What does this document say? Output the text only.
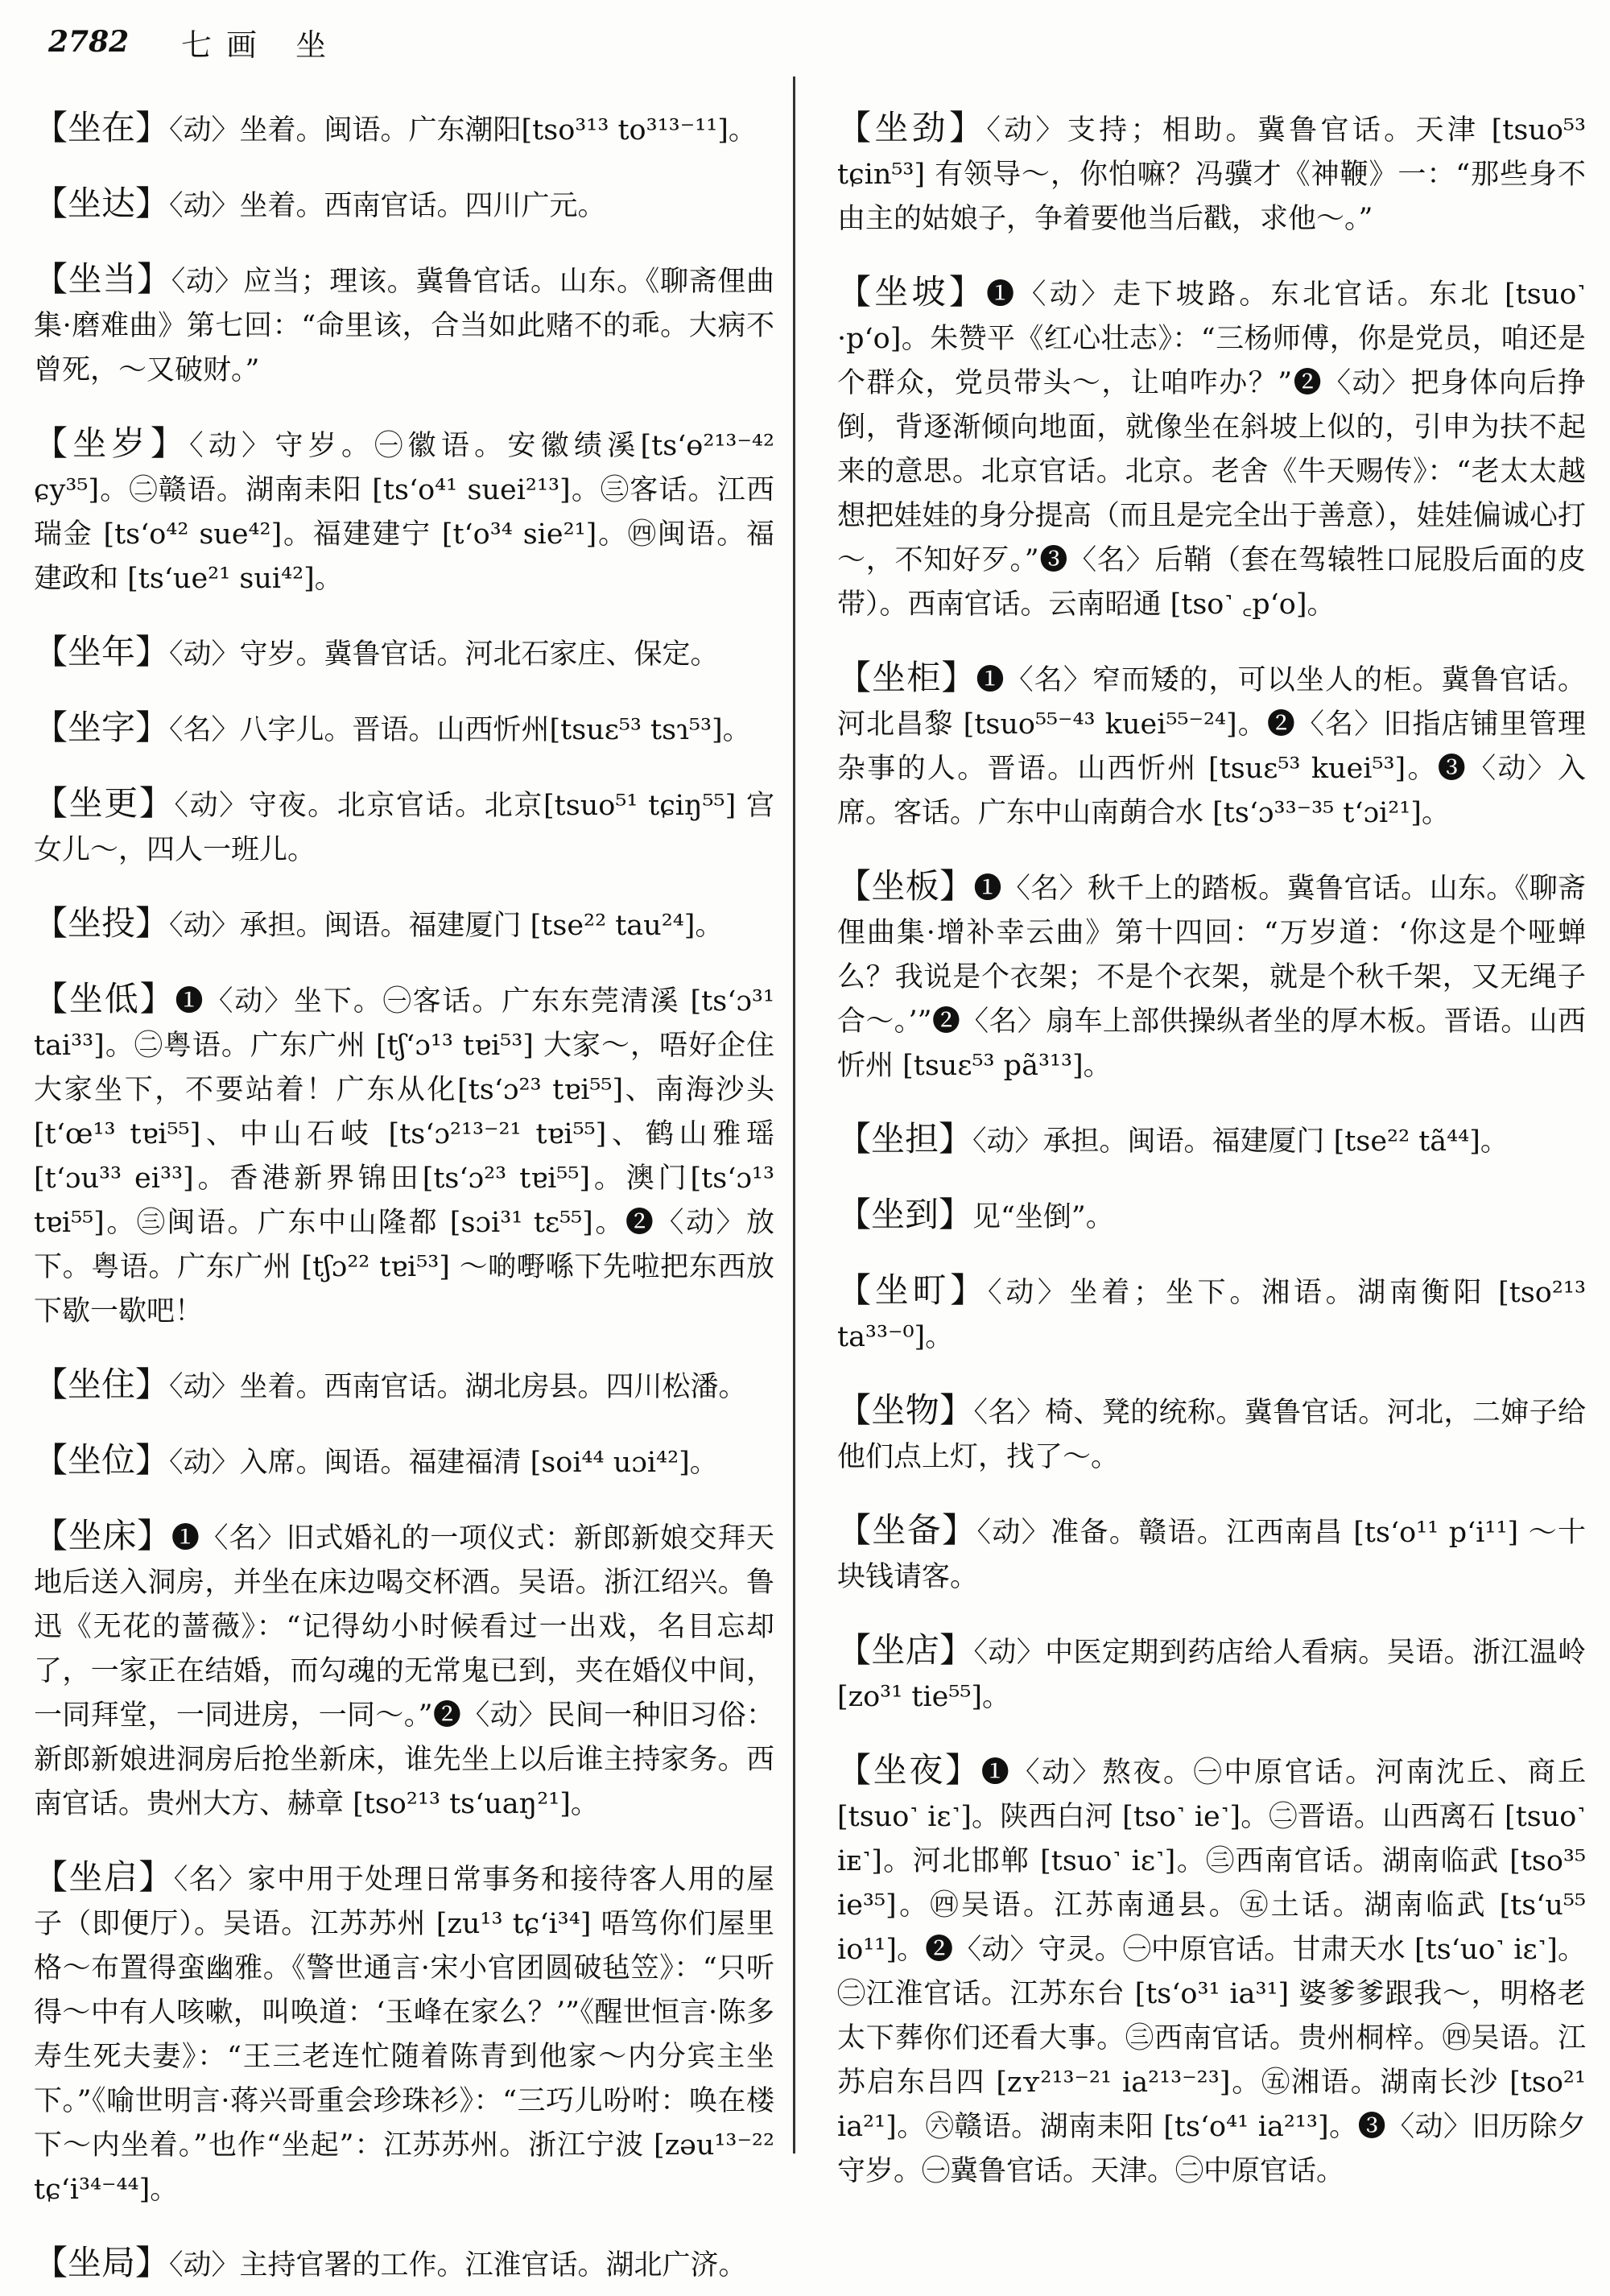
2782	七画 坐

【坐在】〈动〉坐着。闽语。广东潮阳[tso³¹³ to³¹³⁻¹¹]。

【坐达】〈动〉坐着。西南官话。四川广元。

【坐当】〈动〉应当；理该。冀鲁官话。山东。《聊斋俚曲集·磨难曲》第七回：“命里该，合当如此赌不的乖。大病不曾死，～又破财。”

【坐岁】〈动〉守岁。㊀徽语。安徽绩溪[tsʻɵ²¹³⁻⁴² ɕy³⁵]。㊁赣语。湖南耒阳 [tsʻo⁴¹ suei²¹³]。㊂客话。江西瑞金 [tsʻo⁴² sue⁴²]。福建建宁 [tʻo³⁴ sie²¹]。㊃闽语。福建政和 [tsʻue²¹ sui⁴²]。

【坐年】〈动〉守岁。冀鲁官话。河北石家庄、保定。

【坐字】〈名〉八字儿。晋语。山西忻州[tsuɛ⁵³ tsɿ⁵³]。

【坐更】〈动〉守夜。北京官话。北京[tsuo⁵¹ tɕiŋ⁵⁵] 宫女儿～，四人一班儿。

【坐投】〈动〉承担。闽语。福建厦门 [tse²² tau²⁴]。

【坐低】❶〈动〉坐下。㊀客话。广东东莞清溪 [tsʻɔ³¹ tai³³]。㊁粤语。广东广州 [tʃʻɔ¹³ tɐi⁵³] 大家～，唔好企住大家坐下，不要站着！广东从化[tsʻɔ²³ tɐi⁵⁵]、南海沙头 [tʻœ¹³ tɐi⁵⁵]、中山石岐 [tsʻɔ²¹³⁻²¹ tɐi⁵⁵]、鹤山雅瑶[tʻɔu³³ ei³³]。香港新界锦田[tsʻɔ²³ tɐi⁵⁵]。澳门[tsʻɔ¹³ tɐi⁵⁵]。㊂闽语。广东中山隆都 [sɔi³¹ tɛ⁵⁵]。❷〈动〉放下。粤语。广东广州 [tʃɔ²² tɐi⁵³] ～啲嘢喺下先啦把东西放下歇一歇吧！

【坐住】〈动〉坐着。西南官话。湖北房县。四川松潘。

【坐位】〈动〉入席。闽语。福建福清 [soi⁴⁴ uɔi⁴²]。

【坐床】❶〈名〉旧式婚礼的一项仪式：新郎新娘交拜天地后送入洞房，并坐在床边喝交杯酒。吴语。浙江绍兴。鲁迅《无花的蔷薇》：“记得幼小时候看过一出戏，名目忘却了，一家正在结婚，而勾魂的无常鬼已到，夹在婚仪中间，一同拜堂，一同进房，一同～。”❷〈动〉民间一种旧习俗：新郎新娘进洞房后抢坐新床，谁先坐上以后谁主持家务。西南官话。贵州大方、赫章 [tso²¹³ tsʻuaŋ²¹]。

【坐启】〈名〉家中用于处理日常事务和接待客人用的屋子（即便厅）。吴语。江苏苏州 [zu¹³ tɕʻi³⁴] 唔笃你们屋里格～布置得蛮幽雅。《警世通言·宋小官团圆破毡笠》：“只听得～中有人咳嗽，叫唤道：‘玉峰在家么？’”《醒世恒言·陈多寿生死夫妻》：“王三老连忙随着陈青到他家～内分宾主坐下。”《喻世明言·蒋兴哥重会珍珠衫》：“三巧儿吩咐：唤在楼下～内坐着。”也作“坐起”：江苏苏州。浙江宁波 [zəu¹³⁻²² tɕʻi³⁴⁻⁴⁴]。

【坐局】〈动〉主持官署的工作。江淮官话。湖北广济。

【坐劲】〈动〉支持；相助。冀鲁官话。天津 [tsuo⁵³ tɕin⁵³] 有领导～，你怕嘛？冯骥才《神鞭》一：“那些身不由主的姑娘子，争着要他当后戳，求他～。”

【坐坡】❶〈动〉走下坡路。东北官话。东北 [tsuo˺ ·pʻo]。朱赞平《红心壮志》：“三杨师傅，你是党员，咱还是个群众，党员带头～，让咱咋办？”❷〈动〉把身体向后挣倒，背逐渐倾向地面，就像坐在斜坡上似的，引申为扶不起来的意思。北京官话。北京。老舍《牛天赐传》：“老太太越想把娃娃的身分提高（而且是完全出于善意），娃娃偏诚心打～，不知好歹。”❸〈名〉后鞘（套在驾辕牲口屁股后面的皮带）。西南官话。云南昭通 [tso˺ ꜀pʻo]。

【坐柜】❶〈名〉窄而矮的，可以坐人的柜。冀鲁官话。河北昌黎 [tsuo⁵⁵⁻⁴³ kuei⁵⁵⁻²⁴]。❷〈名〉旧指店铺里管理杂事的人。晋语。山西忻州 [tsuɛ⁵³ kuei⁵³]。❸〈动〉入席。客话。广东中山南蓢合水 [tsʻɔ³³⁻³⁵ tʻɔi²¹]。

【坐板】❶〈名〉秋千上的踏板。冀鲁官话。山东。《聊斋俚曲集·增补幸云曲》第十四回：“万岁道：‘你这是个哑蝉么？我说是个衣架；不是个衣架，就是个秋千架，又无绳子合～。’”❷〈名〉扇车上部供操纵者坐的厚木板。晋语。山西忻州 [tsuɛ⁵³ pã³¹³]。

【坐担】〈动〉承担。闽语。福建厦门 [tse²² tã⁴⁴]。

【坐到】见“坐倒”。

【坐町】〈动〉坐着；坐下。湘语。湖南衡阳 [tso²¹³ ta³³⁻⁰]。

【坐物】〈名〉椅、凳的统称。冀鲁官话。河北，二婶子给他们点上灯，找了～。

【坐备】〈动〉准备。赣语。江西南昌 [tsʻo¹¹ pʻi¹¹] ～十块钱请客。

【坐店】〈动〉中医定期到药店给人看病。吴语。浙江温岭 [zo³¹ tie⁵⁵]。

【坐夜】❶〈动〉熬夜。㊀中原官话。河南沈丘、商丘 [tsuo˺ iɛ˺]。陕西白河 [tso˺ ie˺]。㊁晋语。山西离石 [tsuo˺ iᴇ˺]。河北邯郸 [tsuo˺ iɛ˺]。㊂西南官话。湖南临武 [tso³⁵ ie³⁵]。㊃吴语。江苏南通县。㊄土话。湖南临武 [tsʻu⁵⁵ io¹¹]。❷〈动〉守灵。㊀中原官话。甘肃天水 [tsʻuo˺ iɛ˺]。㊁江淮官话。江苏东台 [tsʻo³¹ ia³¹] 婆爹爹跟我～，明格老太下葬你们还看大事。㊂西南官话。贵州桐梓。㊃吴语。江苏启东吕四 [zʏ²¹³⁻²¹ ia²¹³⁻²³]。㊄湘语。湖南长沙 [tso²¹ ia²¹]。㊅赣语。湖南耒阳 [tsʻo⁴¹ ia²¹³]。❸〈动〉旧历除夕守岁。㊀冀鲁官话。天津。㊁中原官话。
